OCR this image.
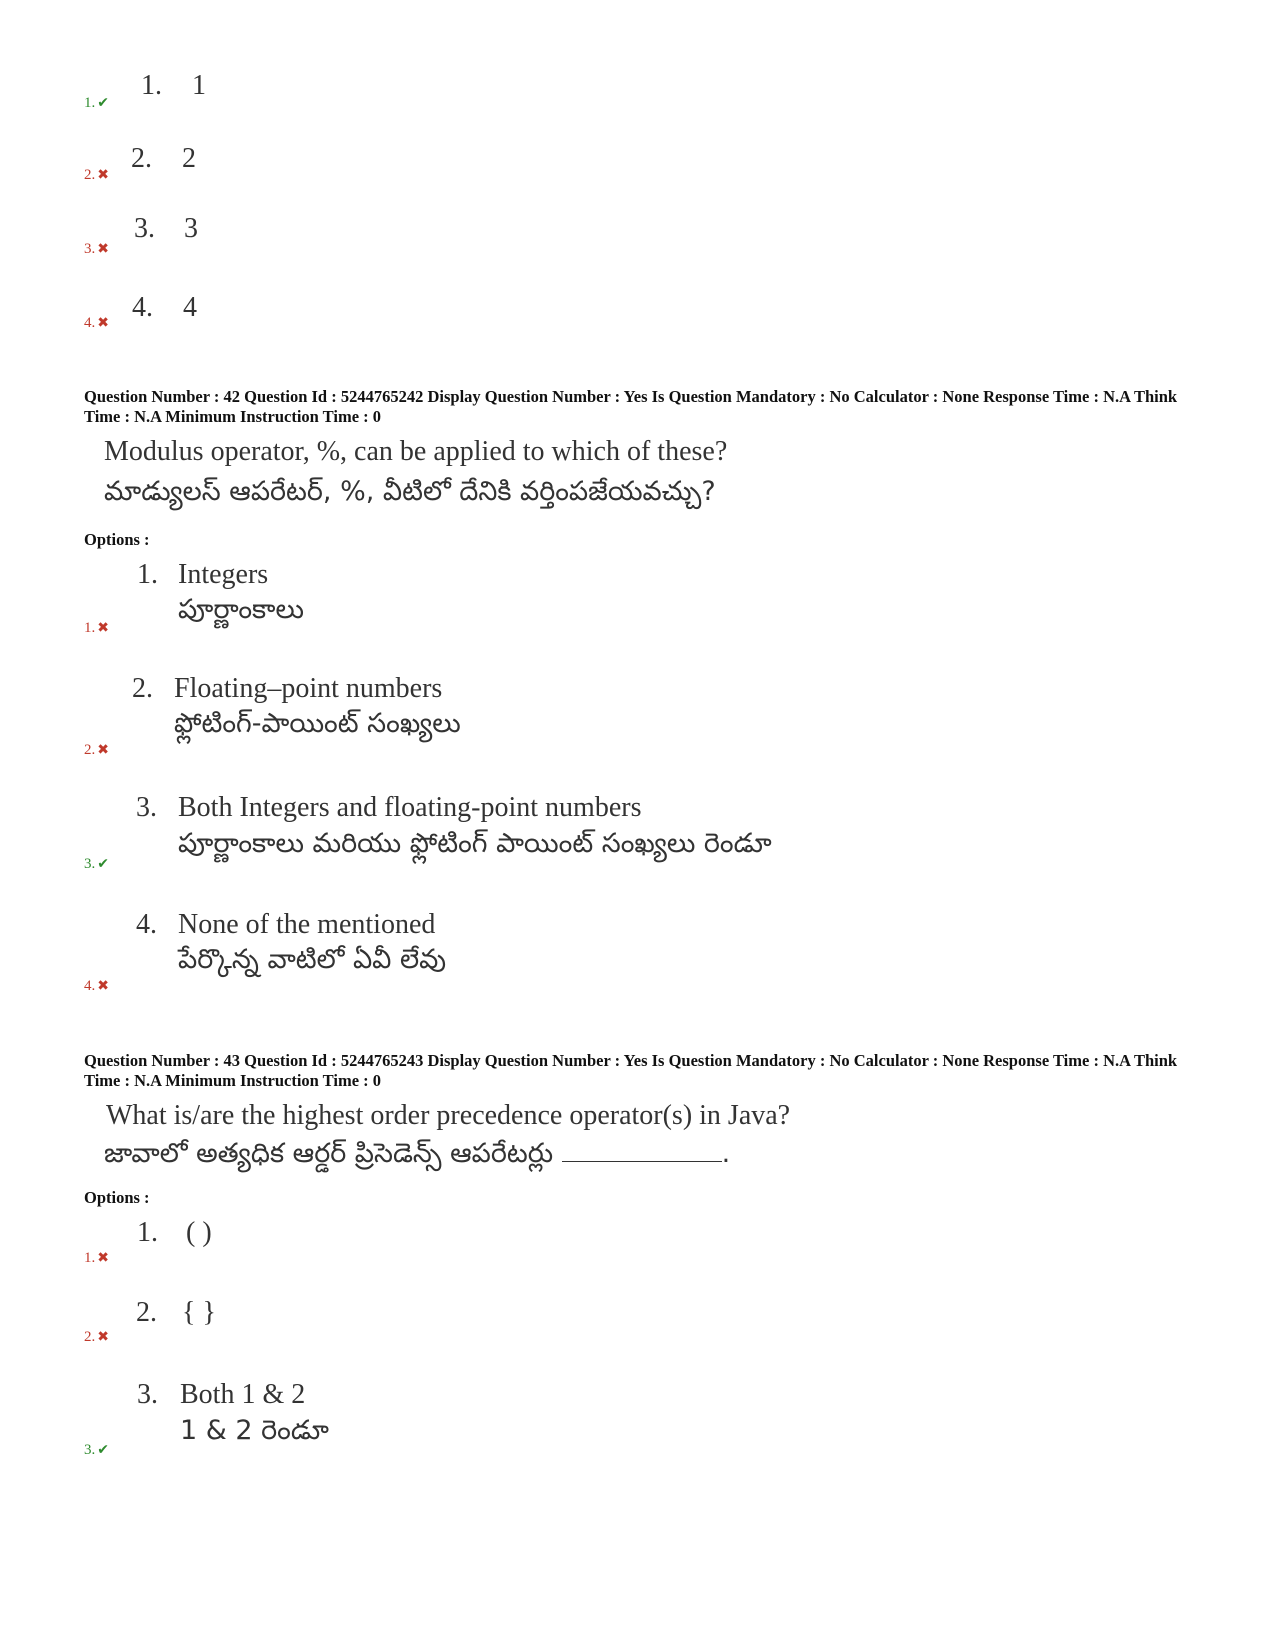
1. ✔
1. 1
2. ✖
2. 2
3. ✖
3. 3
4. ✖ 4. 4
Question Number : 42 Question Id : 5244765242 Display Question Number : Yes Is Question Mandatory : No Calculator : None Response Time : N.A Think Time : N.A Minimum Instruction Time : 0
Modulus operator, %, can be applied to which of these?
మాడ్యులస్ ఆపరేటర్, %, వీటిలో దేనికి వర్తింపజేయవచ్చు?
Options :
1. ✖
1. Integers
పూర్ణాంకాలు
2. ✖
2. Floating–point numbers
ఫ్లోటింగ్-పాయింట్ సంఖ్యలు
3. ✔
3. Both Integers and floating-point numbers
పూర్ణాంకాలు మరియు ఫ్లోటింగ్ పాయింట్ సంఖ్యలు రెండూ
4. ✖
4. None of the mentioned
పేర్కొన్న వాటిలో ఏవీ లేవు
Question Number : 43 Question Id : 5244765243 Display Question Number : Yes Is Question Mandatory : No Calculator : None Response Time : N.A Think Time : N.A Minimum Instruction Time : 0
What is/are the highest order precedence operator(s) in Java?
జావాలో అత్యధిక ఆర్డర్ ప్రిసెడెన్స్ ఆపరేటర్లు	.
Options :
1. ✖
1. ( )
2. ✖
2. { }
3. ✔
3. Both 1 & 2
1 & 2 రెండూ
